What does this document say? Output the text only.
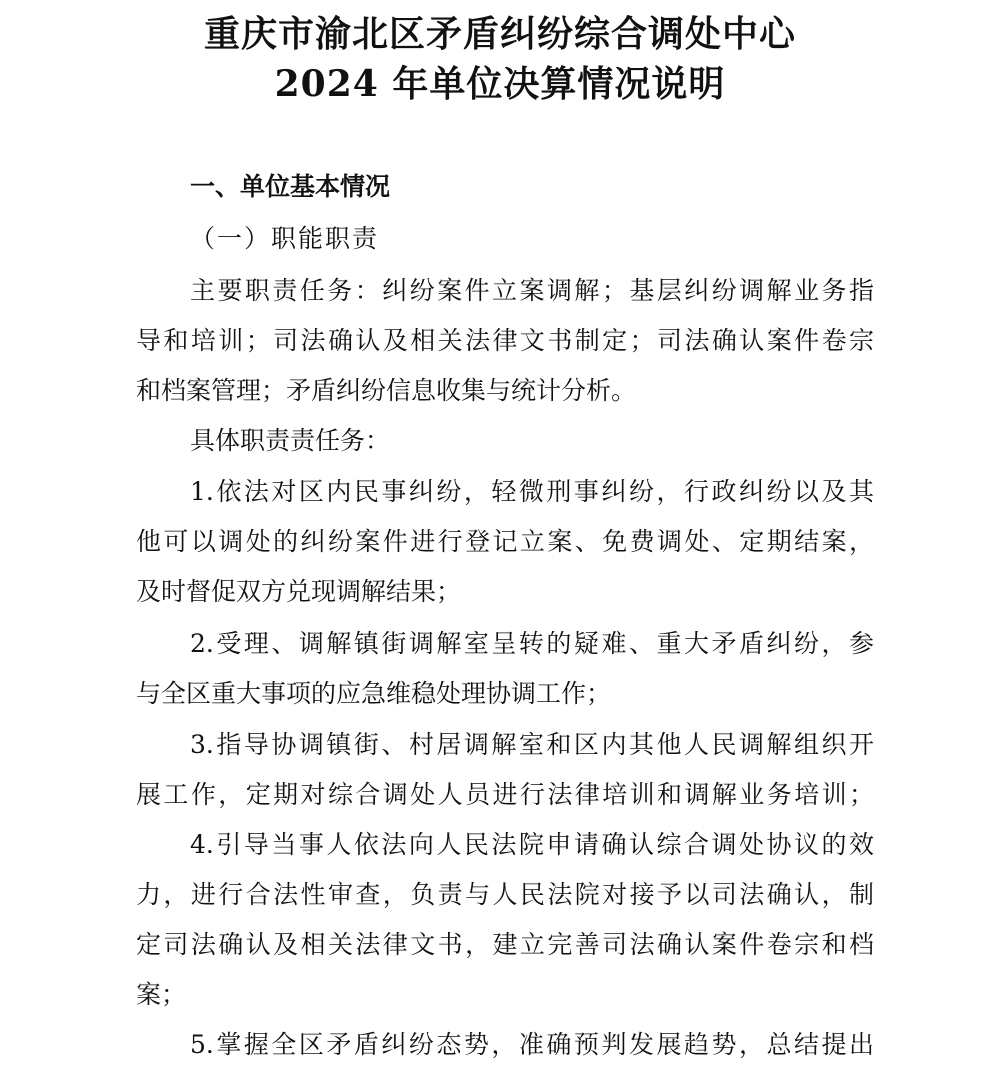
重庆市渝北区矛盾纠纷综合调处中心
2024 年单位决算情况说明
一、单位基本情况
（一）职能职责
主要职责任务：纠纷案件立案调解；基层纠纷调解业务指
导和培训；司法确认及相关法律文书制定；司法确认案件卷宗
和档案管理；矛盾纠纷信息收集与统计分析。
具体职责责任务：
1.依法对区内民事纠纷，轻微刑事纠纷，行政纠纷以及其
他可以调处的纠纷案件进行登记立案、免费调处、定期结案，
及时督促双方兑现调解结果；
2.受理、调解镇街调解室呈转的疑难、重大矛盾纠纷，参
与全区重大事项的应急维稳处理协调工作；
3.指导协调镇街、村居调解室和区内其他人民调解组织开
展工作，定期对综合调处人员进行法律培训和调解业务培训；
4.引导当事人依法向人民法院申请确认综合调处协议的效
力，进行合法性审查，负责与人民法院对接予以司法确认，制
定司法确认及相关法律文书，建立完善司法确认案件卷宗和档
案；
5.掌握全区矛盾纠纷态势，准确预判发展趋势，总结提出
